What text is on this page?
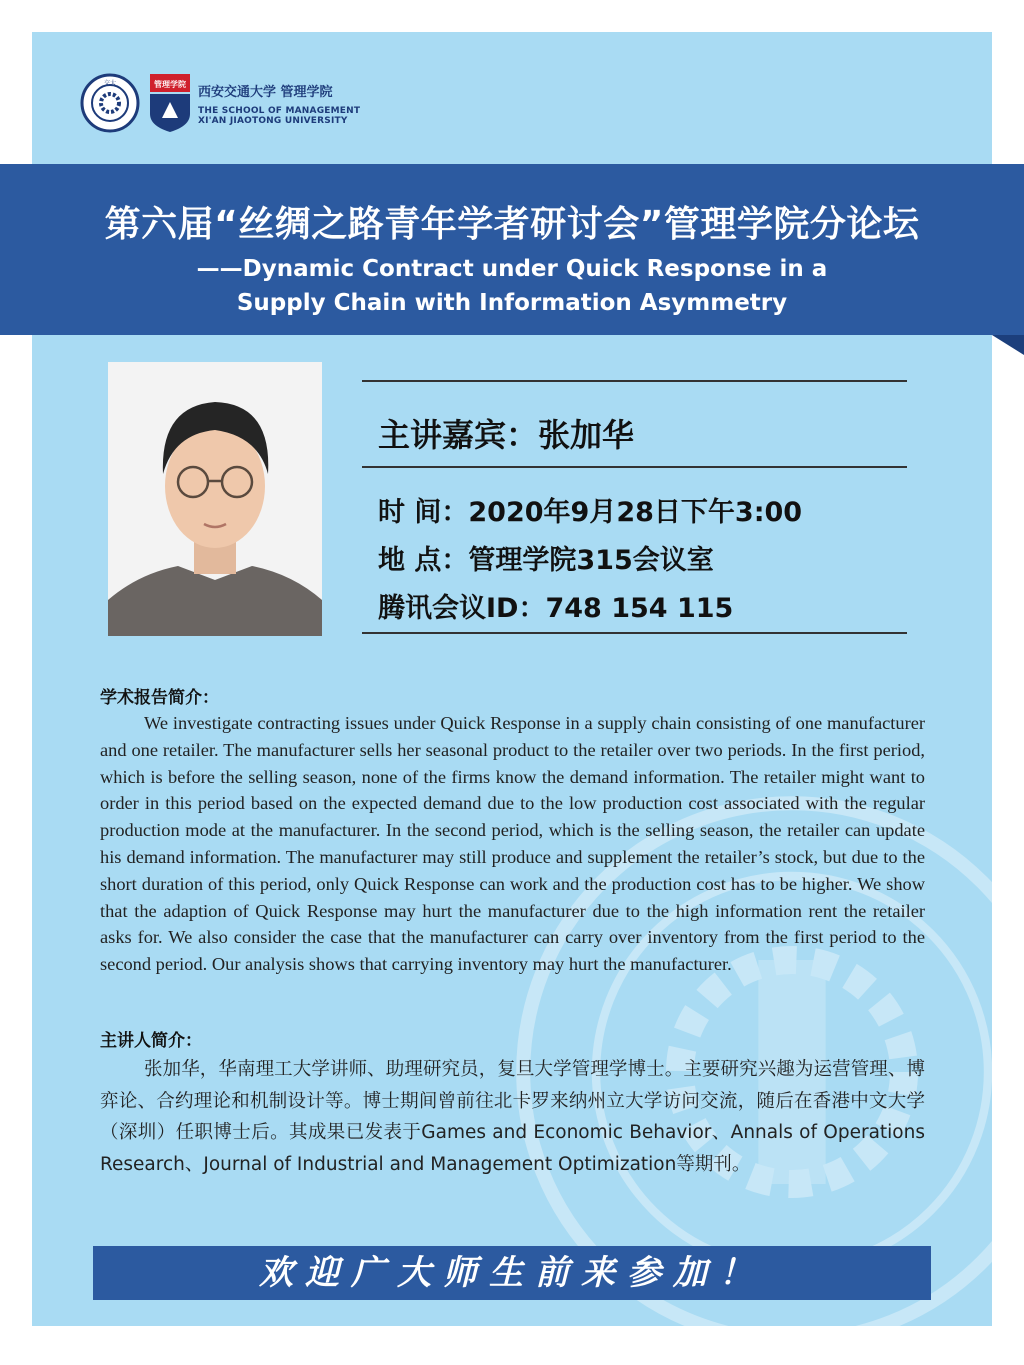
交大	管理学院 西安交通大学 管理学院
THE SCHOOL OF MANAGEMENT
XI'AN JIAOTONG UNIVERSITY
第六届“丝绸之路青年学者研讨会”管理学院分论坛
——Dynamic Contract under Quick Response in a Supply Chain with Information Asymmetry
主讲嘉宾：张加华
时 间：2020年9月28日下午3:00
地 点：管理学院315会议室
腾讯会议ID：748 154 115
学术报告简介：
We investigate contracting issues under Quick Response in a supply chain consisting of one manufacturer and one retailer. The manufacturer sells her seasonal product to the retailer over two periods. In the first period, which is before the selling season, none of the firms know the demand information. The retailer might want to order in this period based on the expected demand due to the low production cost associated with the regular production mode at the manufacturer. In the second period, which is the selling season, the retailer can update his demand information. The manufacturer may still produce and supplement the retailer’s stock, but due to the short duration of this period, only Quick Response can work and the production cost has to be higher. We show that the adaption of Quick Response may hurt the manufacturer due to the high information rent the retailer asks for. We also consider the case that the manufacturer can carry over inventory from the first period to the second period. Our analysis shows that carrying inventory may hurt the manufacturer.
主讲人简介：
张加华，华南理工大学讲师、助理研究员，复旦大学管理学博士。主要研究兴趣为运营管理、博弈论、合约理论和机制设计等。博士期间曾前往北卡罗来纳州立大学访问交流，随后在香港中文大学（深圳）任职博士后。其成果已发表于Games and Economic Behavior、Annals of Operations Research、Journal of Industrial and Management Optimization等期刊。
欢迎广大师生前来参加！
